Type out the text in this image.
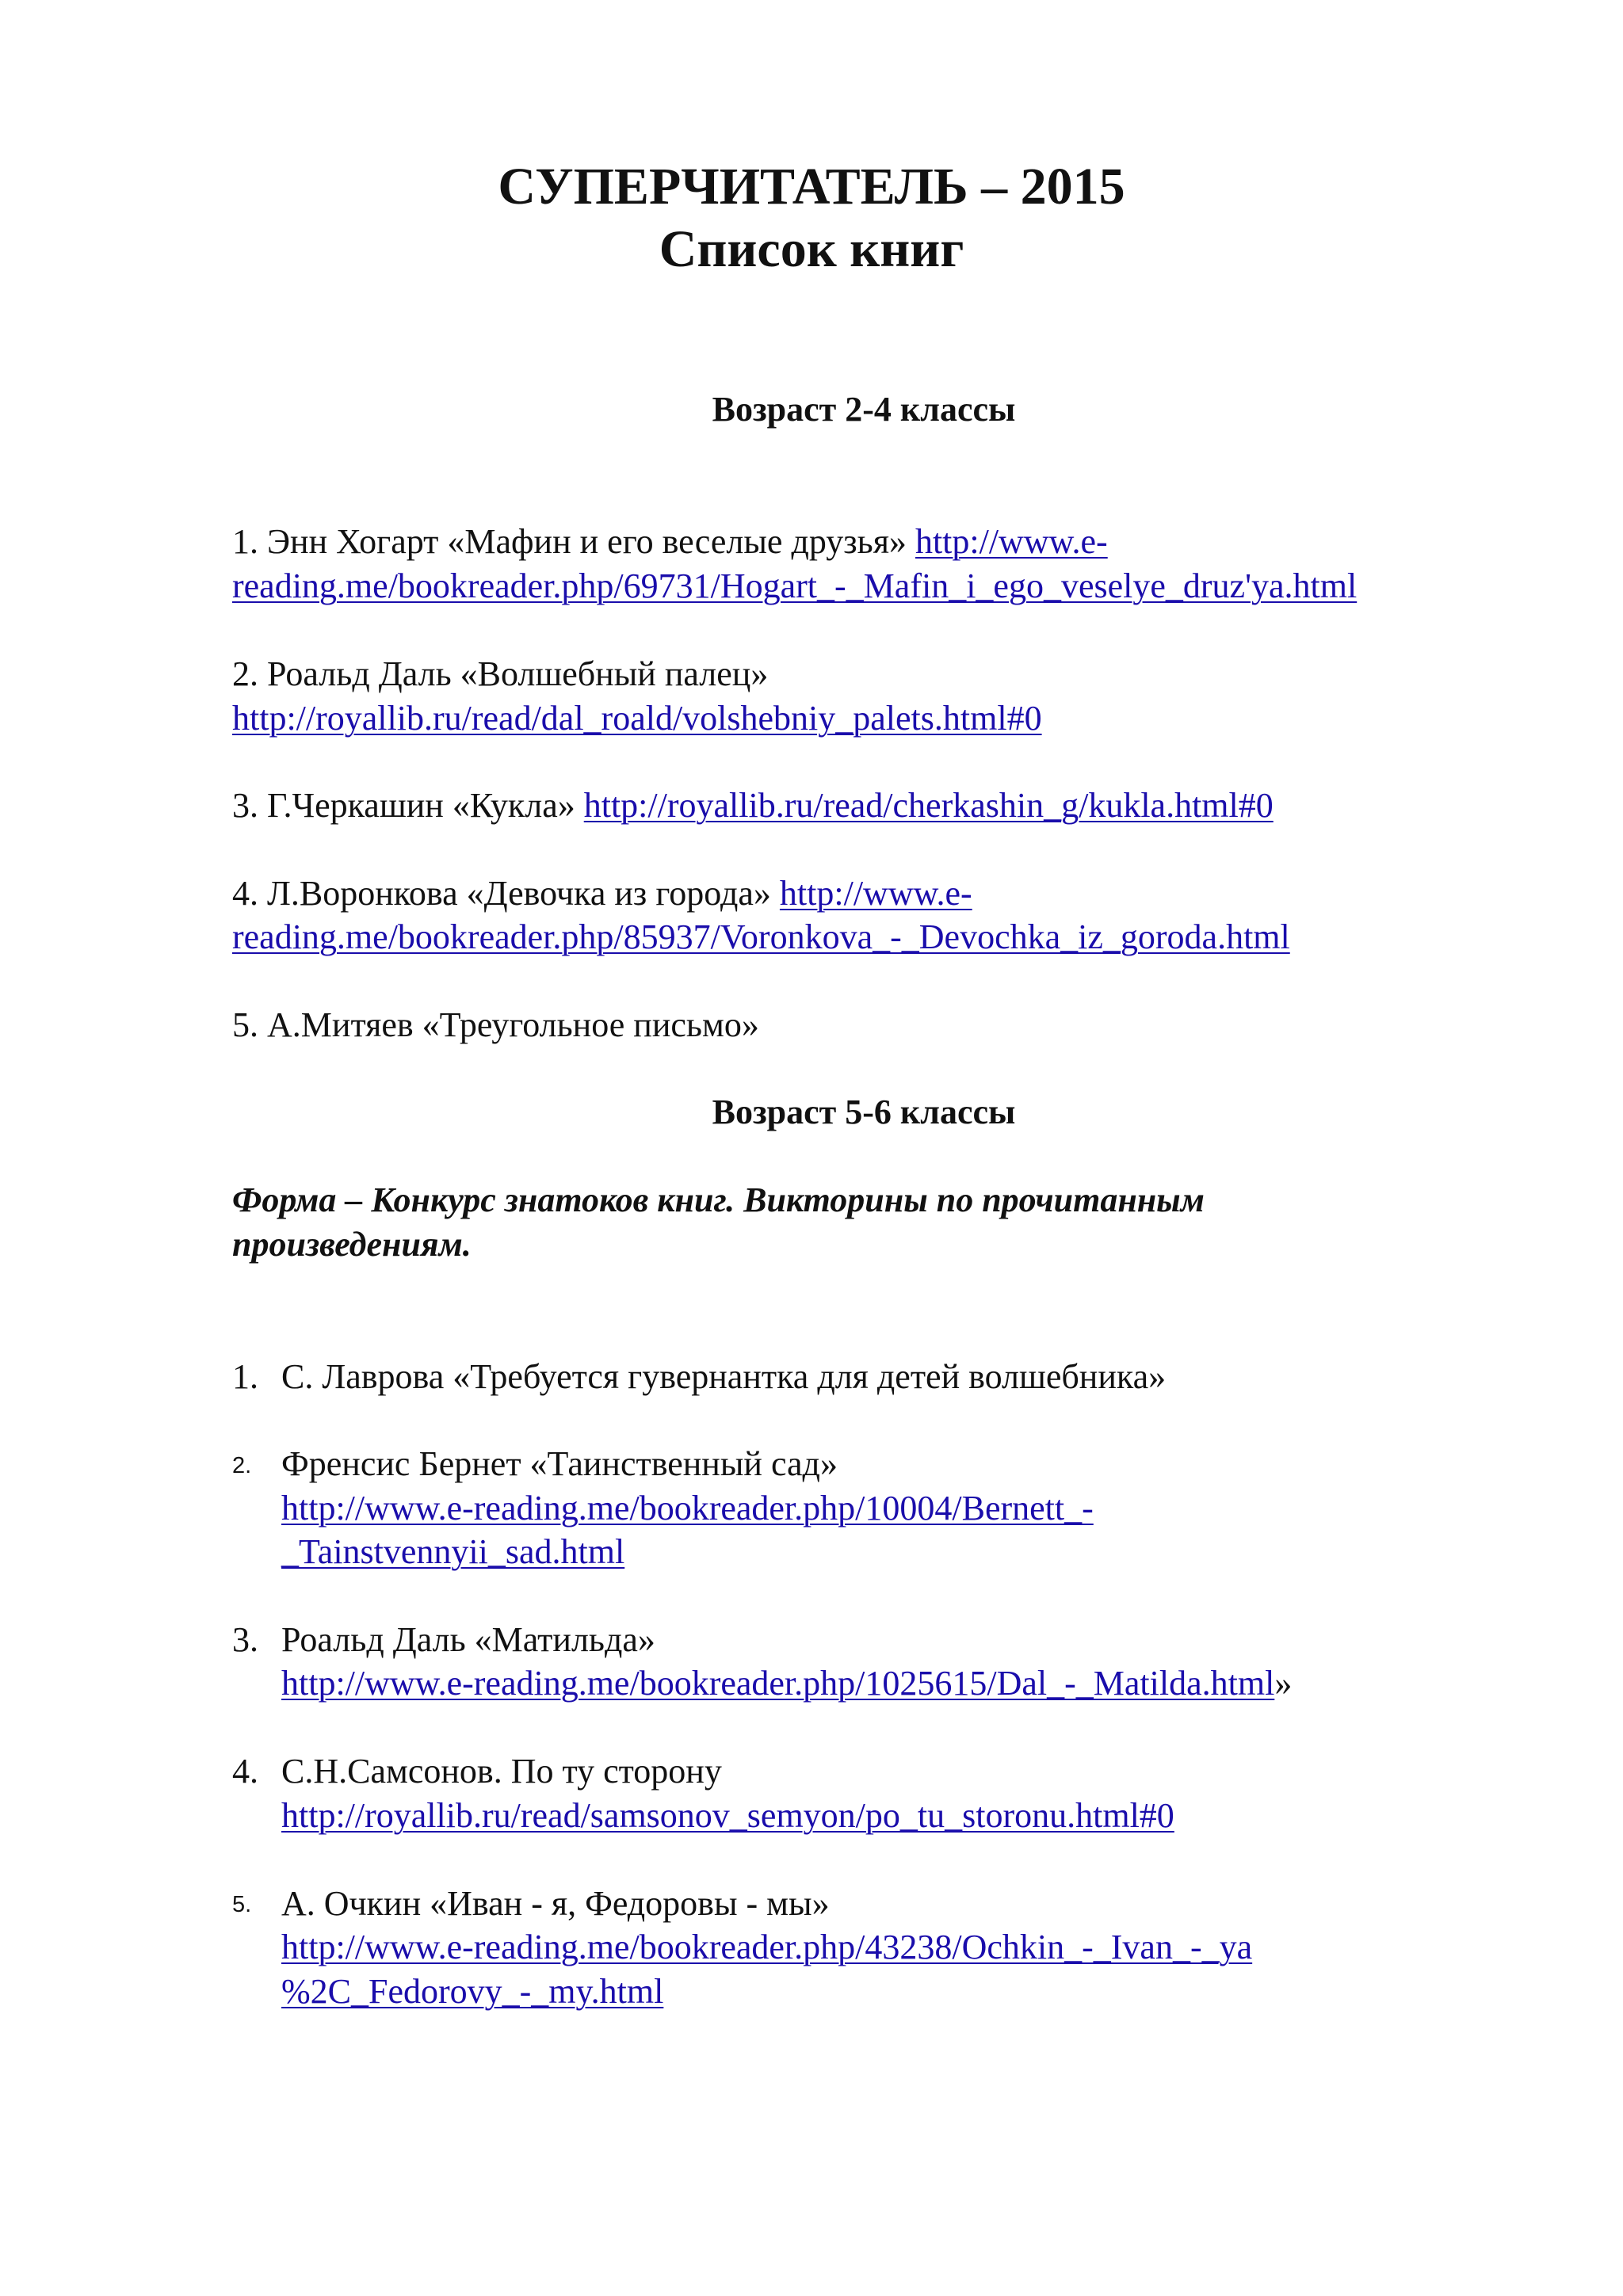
СУПЕРЧИТАТЕЛЬ – 2015
Список книг
Возраст 2-4 классы
1. Энн Хогарт «Мафин и его веселые друзья» http://www.e-
reading.me/bookreader.php/69731/Hogart_-_Mafin_i_ego_veselye_druz'ya.html
2. Роальд Даль «Волшебный палец»
http://royallib.ru/read/dal_roald/volshebniy_palets.html#0
3. Г.Черкашин «Кукла» http://royallib.ru/read/cherkashin_g/kukla.html#0
4. Л.Воронкова «Девочка из города» http://www.e-
reading.me/bookreader.php/85937/Voronkova_-_Devochka_iz_goroda.html
5. А.Митяев «Треугольное письмо»
Возраст 5-6 классы
Форма – Конкурс знатоков книг. Викторины по прочитанным
произведениям.
1. С. Лаврова «Требуется гувернантка для детей волшебника»
2. Френсис Бернет «Таинственный сад»
http://www.e-reading.me/bookreader.php/10004/Bernett_-
_Tainstvennyii_sad.html
3. Роальд Даль «Матильда»
http://www.e-reading.me/bookreader.php/1025615/Dal_-_Matilda.html»
4. С.Н.Самсонов. По ту сторону
http://royallib.ru/read/samsonov_semyon/po_tu_storonu.html#0
5. А. Очкин «Иван - я, Федоровы - мы»
http://www.e-reading.me/bookreader.php/43238/Ochkin_-_Ivan_-_ya
%2C_Fedorovy_-_my.html
